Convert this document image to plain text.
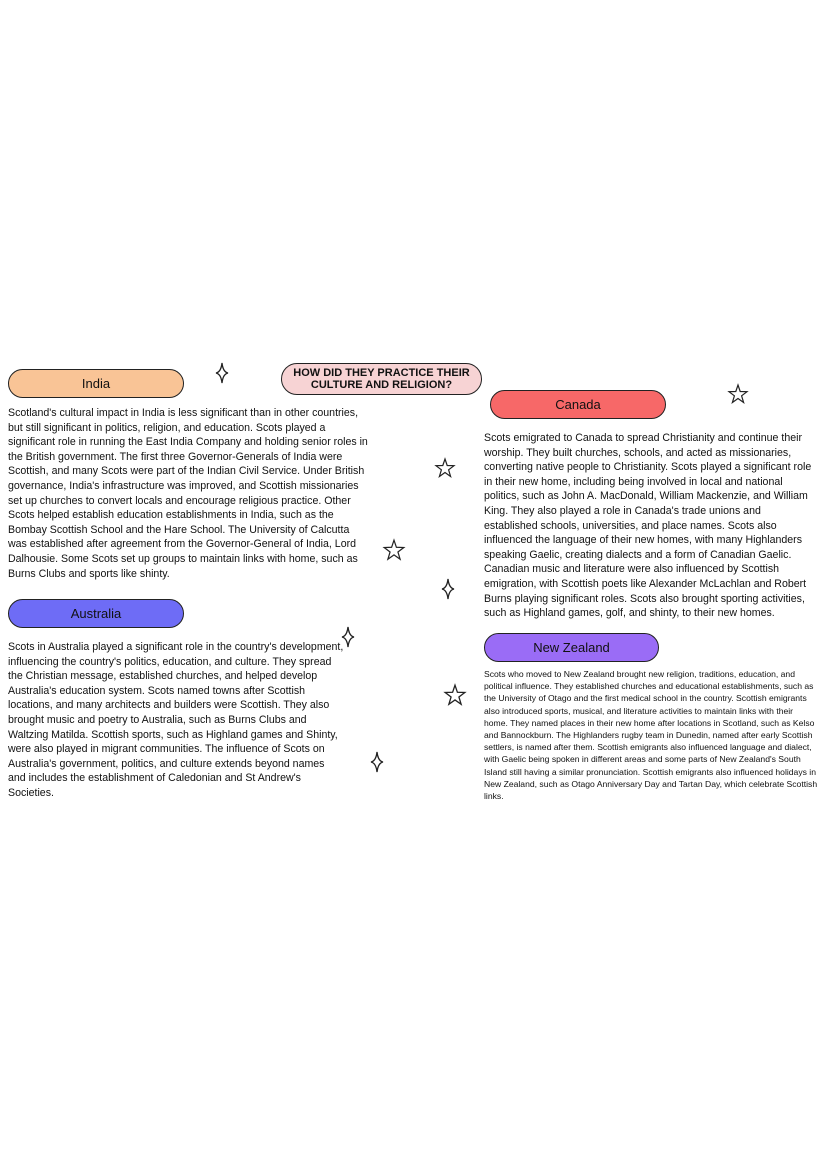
HOW DID THEY PRACTICE THEIR
CULTURE AND RELIGION?
India

Scotland's cultural impact in India is less significant than in other countries, but still significant in politics, religion, and education. Scots played a significant role in running the East India Company and holding senior roles in the British government. The first three Governor-Generals of India were Scottish, and many Scots were part of the Indian Civil Service. Under British governance, India's infrastructure was improved, and Scottish missionaries set up churches to convert locals and encourage religious practice. Other Scots helped establish education establishments in India, such as the Bombay Scottish School and the Hare School. The University of Calcutta was established after agreement from the Governor-General of India, Lord Dalhousie. Some Scots set up groups to maintain links with home, such as Burns Clubs and sports like shinty.

Australia

Scots in Australia played a significant role in the country's development, influencing the country's politics, education, and culture. They spread the Christian message, established churches, and helped develop Australia's education system. Scots named towns after Scottish locations, and many architects and builders were Scottish. They also brought music and poetry to Australia, such as Burns Clubs and Waltzing Matilda. Scottish sports, such as Highland games and Shinty, were also played in migrant communities. The influence of Scots on Australia's government, politics, and culture extends beyond names and includes the establishment of Caledonian and St Andrew's Societies.

Canada

Scots emigrated to Canada to spread Christianity and continue their worship. They built churches, schools, and acted as missionaries, converting native people to Christianity. Scots played a significant role in their new home, including being involved in local and national politics, such as John A. MacDonald, William Mackenzie, and William King. They also played a role in Canada's trade unions and established schools, universities, and place names. Scots also influenced the language of their new homes, with many Highlanders speaking Gaelic, creating dialects and a form of Canadian Gaelic. Canadian music and literature were also influenced by Scottish emigration, with Scottish poets like Alexander McLachlan and Robert Burns playing significant roles. Scots also brought sporting activities, such as Highland games, golf, and shinty, to their new homes.

New Zealand

Scots who moved to New Zealand brought new religion, traditions, education, and political influence. They established churches and educational establishments, such as the University of Otago and the first medical school in the country. Scottish emigrants also introduced sports, musical, and literature activities to maintain links with their home. They named places in their new home after locations in Scotland, such as Kelso and Bannockburn. The Highlanders rugby team in Dunedin, named after early Scottish settlers, is named after them. Scottish emigrants also influenced language and dialect, with Gaelic being spoken in different areas and some parts of New Zealand's South Island still having a similar pronunciation. Scottish emigrants also influenced holidays in New Zealand, such as Otago Anniversary Day and Tartan Day, which celebrate Scottish links.
